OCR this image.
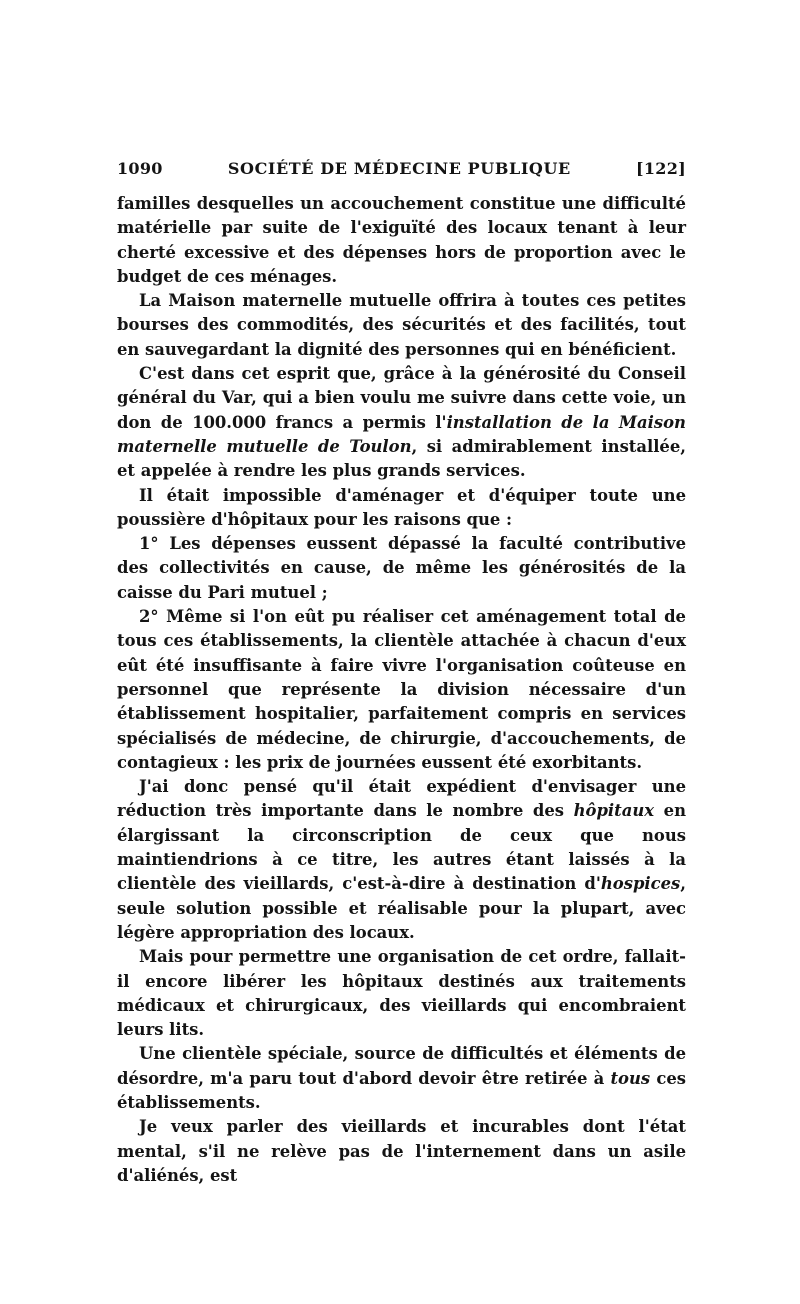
1090	SOCIÉTÉ DE MÉDECINE PUBLIQUE	[122]

familles desquelles un accouchement constitue une difficulté matérielle par suite de l'exiguïté des locaux tenant à leur cherté excessive et des dépenses hors de proportion avec le budget de ces ménages.

La Maison maternelle mutuelle offrira à toutes ces petites bourses des commodités, des sécurités et des facilités, tout en sauvegardant la dignité des personnes qui en bénéficient.

C'est dans cet esprit que, grâce à la générosité du Conseil général du Var, qui a bien voulu me suivre dans cette voie, un don de 100.000 francs a permis l'installation de la Maison maternelle mutuelle de Toulon, si admirablement installée, et appelée à rendre les plus grands services.

Il était impossible d'aménager et d'équiper toute une poussière d'hôpitaux pour les raisons que :

1° Les dépenses eussent dépassé la faculté contributive des collectivités en cause, de même les générosités de la caisse du Pari mutuel ;

2° Même si l'on eût pu réaliser cet aménagement total de tous ces établissements, la clientèle attachée à chacun d'eux eût été insuffisante à faire vivre l'organisation coûteuse en personnel que représente la division nécessaire d'un établissement hospitalier, parfaitement compris en services spécialisés de médecine, de chirurgie, d'accouchements, de contagieux : les prix de journées eussent été exorbitants.

J'ai donc pensé qu'il était expédient d'envisager une réduction très importante dans le nombre des hôpitaux en élargissant la circonscription de ceux que nous maintiendrions à ce titre, les autres étant laissés à la clientèle des vieillards, c'est-à-dire à destination d'hospices, seule solution possible et réalisable pour la plupart, avec légère appropriation des locaux.

Mais pour permettre une organisation de cet ordre, fallait-il encore libérer les hôpitaux destinés aux traitements médicaux et chirurgicaux, des vieillards qui encombraient leurs lits.

Une clientèle spéciale, source de difficultés et éléments de désordre, m'a paru tout d'abord devoir être retirée à tous ces établissements.

Je veux parler des vieillards et incurables dont l'état mental, s'il ne relève pas de l'internement dans un asile d'aliénés, est
